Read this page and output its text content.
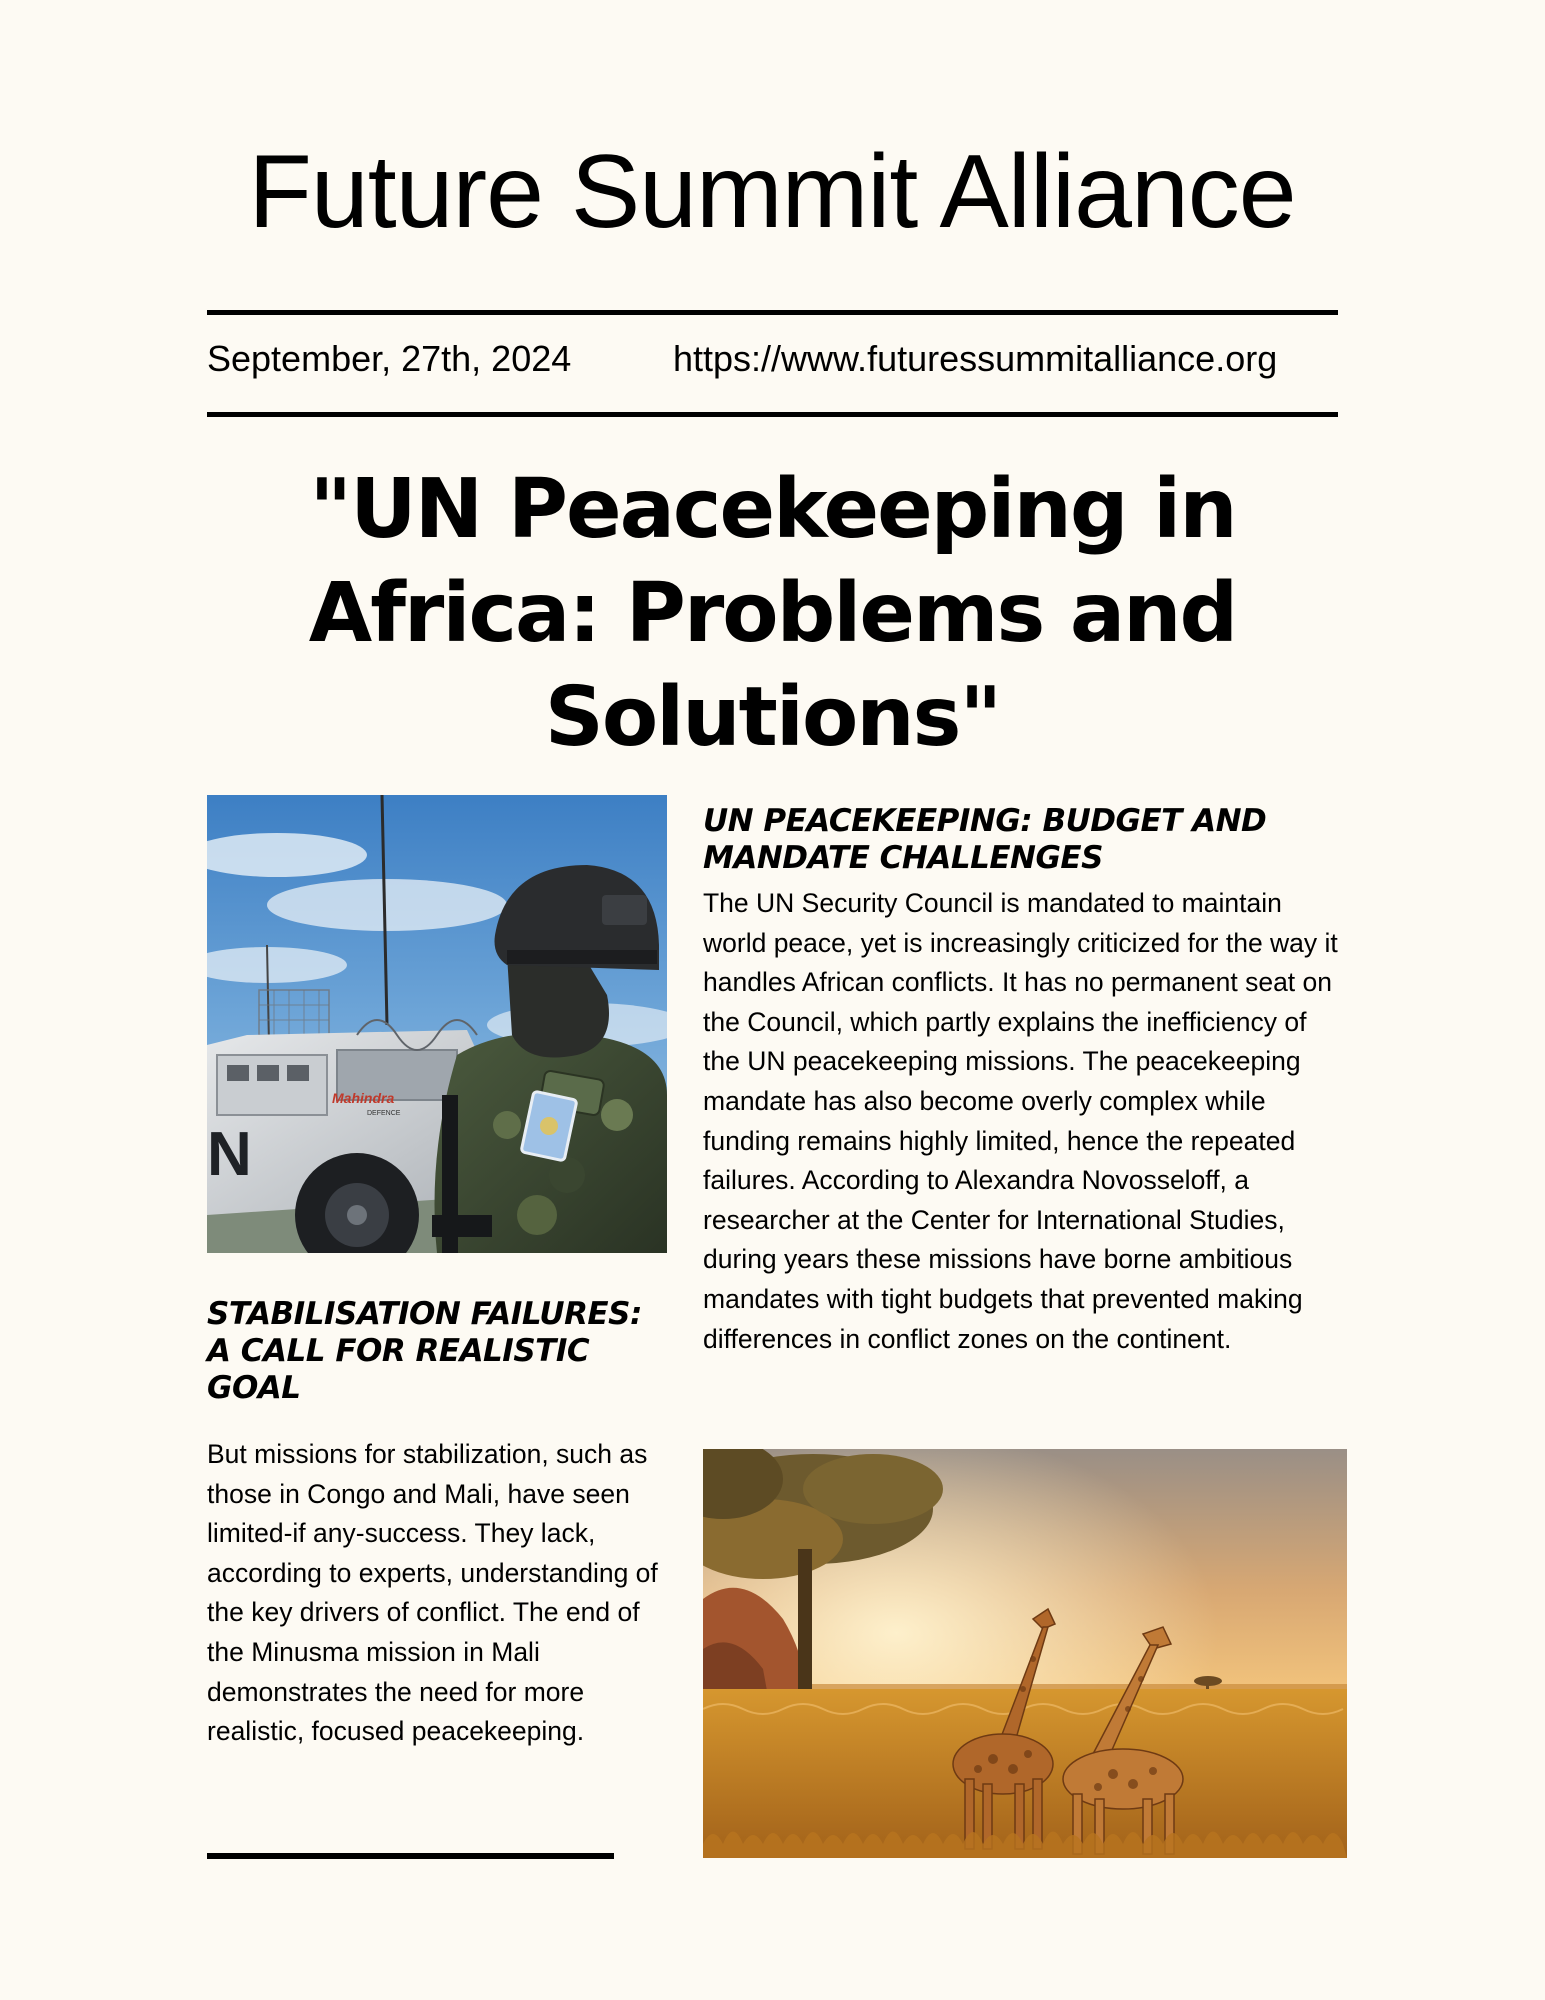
Future Summit Alliance
September, 27th, 2024	https://www.futuressummitalliance.org
"UN Peacekeeping in Africa: Problems and Solutions"
N
Mahindra
DEFENCE
UN PEACEKEEPING: BUDGET AND MANDATE CHALLENGES
The UN Security Council is mandated to maintain world peace, yet is increasingly criticized for the way it handles African conflicts. It has no permanent seat on the Council, which partly explains the inefficiency of the UN peacekeeping missions. The peacekeeping mandate has also become overly complex while funding remains highly limited, hence the repeated failures. According to Alexandra Novosseloff, a researcher at the Center for International Studies, during years these missions have borne ambitious mandates with tight budgets that prevented making differences in conflict zones on the continent.
STABILISATION FAILURES: A CALL FOR REALISTIC GOAL
But missions for stabilization, such as those in Congo and Mali, have seen limited-if any-success. They lack, according to experts, understanding of the key drivers of conflict. The end of the Minusma mission in Mali demonstrates the need for more realistic, focused peacekeeping.
